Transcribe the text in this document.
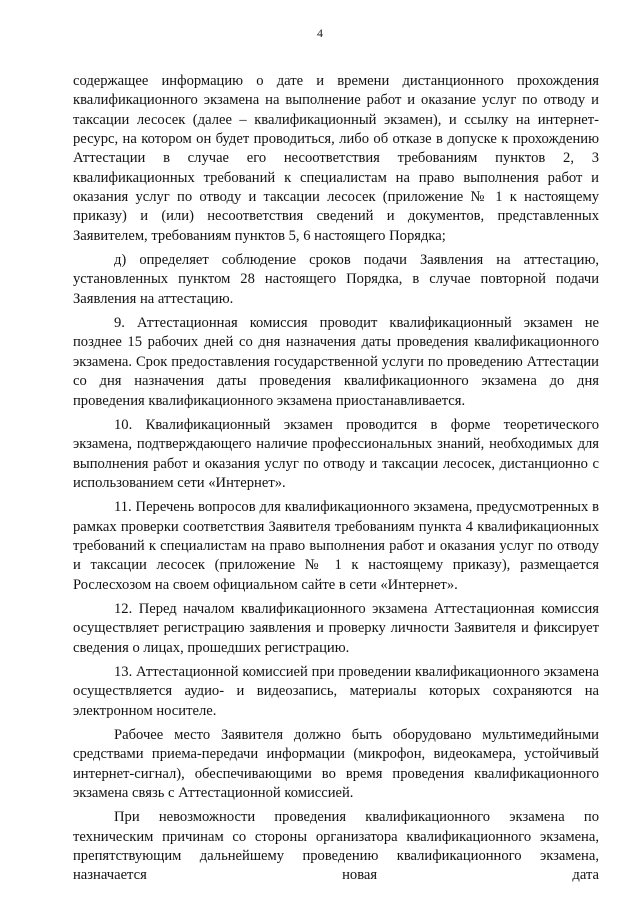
4

содержащее информацию о дате и времени дистанционного прохождения квалификационного экзамена на выполнение работ и оказание услуг по отводу и таксации лесосек (далее – квалификационный экзамен), и ссылку на интернет-ресурс, на котором он будет проводиться, либо об отказе в допуске к прохождению Аттестации в случае его несоответствия требованиям пунктов 2, 3 квалификационных требований к специалистам на право выполнения работ и оказания услуг по отводу и таксации лесосек (приложение № 1 к настоящему приказу) и (или) несоответствия сведений и документов, представленных Заявителем, требованиям пунктов 5, 6 настоящего Порядка;

д) определяет соблюдение сроков подачи Заявления на аттестацию, установленных пунктом 28 настоящего Порядка, в случае повторной подачи Заявления на аттестацию.

9. Аттестационная комиссия проводит квалификационный экзамен не позднее 15 рабочих дней со дня назначения даты проведения квалификационного экзамена. Срок предоставления государственной услуги по проведению Аттестации со дня назначения даты проведения квалификационного экзамена до дня проведения квалификационного экзамена приостанавливается.

10. Квалификационный экзамен проводится в форме теоретического экзамена, подтверждающего наличие профессиональных знаний, необходимых для выполнения работ и оказания услуг по отводу и таксации лесосек, дистанционно с использованием сети «Интернет».

11. Перечень вопросов для квалификационного экзамена, предусмотренных в рамках проверки соответствия Заявителя требованиям пункта 4 квалификационных требований к специалистам на право выполнения работ и оказания услуг по отводу и таксации лесосек (приложение № 1 к настоящему приказу), размещается Рослесхозом на своем официальном сайте в сети «Интернет».

12. Перед началом квалификационного экзамена Аттестационная комиссия осуществляет регистрацию заявления и проверку личности Заявителя и фиксирует сведения о лицах, прошедших регистрацию.

13. Аттестационной комиссией при проведении квалификационного экзамена осуществляется аудио- и видеозапись, материалы которых сохраняются на электронном носителе.

Рабочее место Заявителя должно быть оборудовано мультимедийными средствами приема-передачи информации (микрофон, видеокамера, устойчивый интернет-сигнал), обеспечивающими во время проведения квалификационного экзамена связь с Аттестационной комиссией.

При невозможности проведения квалификационного экзамена по техническим причинам со стороны организатора квалификационного экзамена, препятствующим дальнейшему проведению квалификационного экзамена, назначается новая дата
